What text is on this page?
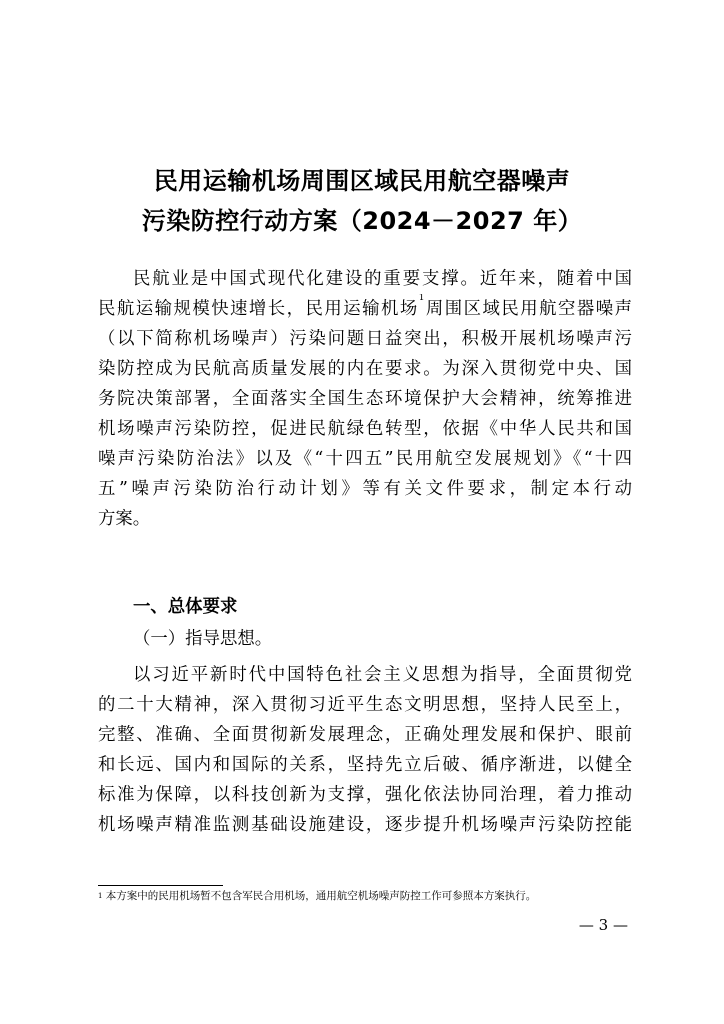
民用运输机场周围区域民用航空器噪声
污染防控行动方案（2024－2027 年）
民航业是中国式现代化建设的重要支撑。近年来，随着中国
民航运输规模快速增长，民用运输机场$^1$周围区域民用航空器噪声
（以下简称机场噪声）污染问题日益突出，积极开展机场噪声污
染防控成为民航高质量发展的内在要求。为深入贯彻党中央、国
务院决策部署，全面落实全国生态环境保护大会精神，统筹推进
机场噪声污染防控，促进民航绿色转型，依据《中华人民共和国
噪声污染防治法》以及《“十四五”民用航空发展规划》《“十四
五”噪声污染防治行动计划》等有关文件要求，制定本行动
方案。
一、总体要求
（一）指导思想。
以习近平新时代中国特色社会主义思想为指导，全面贯彻党
的二十大精神，深入贯彻习近平生态文明思想，坚持人民至上，
完整、准确、全面贯彻新发展理念，正确处理发展和保护、眼前
和长远、国内和国际的关系，坚持先立后破、循序渐进，以健全
标准为保障，以科技创新为支撑，强化依法协同治理，着力推动
机场噪声精准监测基础设施建设，逐步提升机场噪声污染防控能
$^1$ 本方案中的民用机场暂不包含军民合用机场，通用航空机场噪声防控工作可参照本方案执行。
— 3 —
